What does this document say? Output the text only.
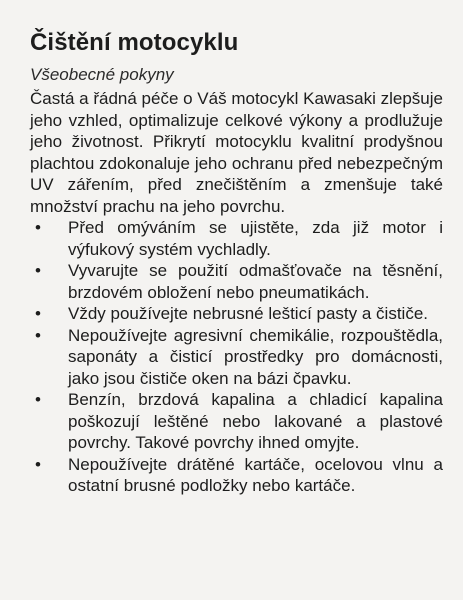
Čištění motocyklu

Všeobecné pokyny

Častá a řádná péče o Váš motocykl Kawasaki zlepšuje jeho vzhled, optimalizuje celkové výkony a prodlužuje jeho životnost. Přikrytí motocyklu kvalitní prodyšnou plachtou zdokonaluje jeho ochranu před nebezpečným UV zářením, před znečištěním a zmenšuje také množství prachu na jeho povrchu.

• Před omýváním se ujistěte, zda již motor i výfukový systém vychladly.
• Vyvarujte se použití odmašťovače na těsnění, brzdovém obložení nebo pneumatikách.
• Vždy používejte nebrusné lešticí pasty a čističe.
• Nepoužívejte agresivní chemikálie, rozpouštědla, saponáty a čisticí prostředky pro domácnosti, jako jsou čističe oken na bázi čpavku.
• Benzín, brzdová kapalina a chladicí kapalina poškozují leštěné nebo lakované a plastové povrchy. Takové povrchy ihned omyjte.
• Nepoužívejte drátěné kartáče, ocelovou vlnu a ostatní brusné podložky nebo kartáče.
